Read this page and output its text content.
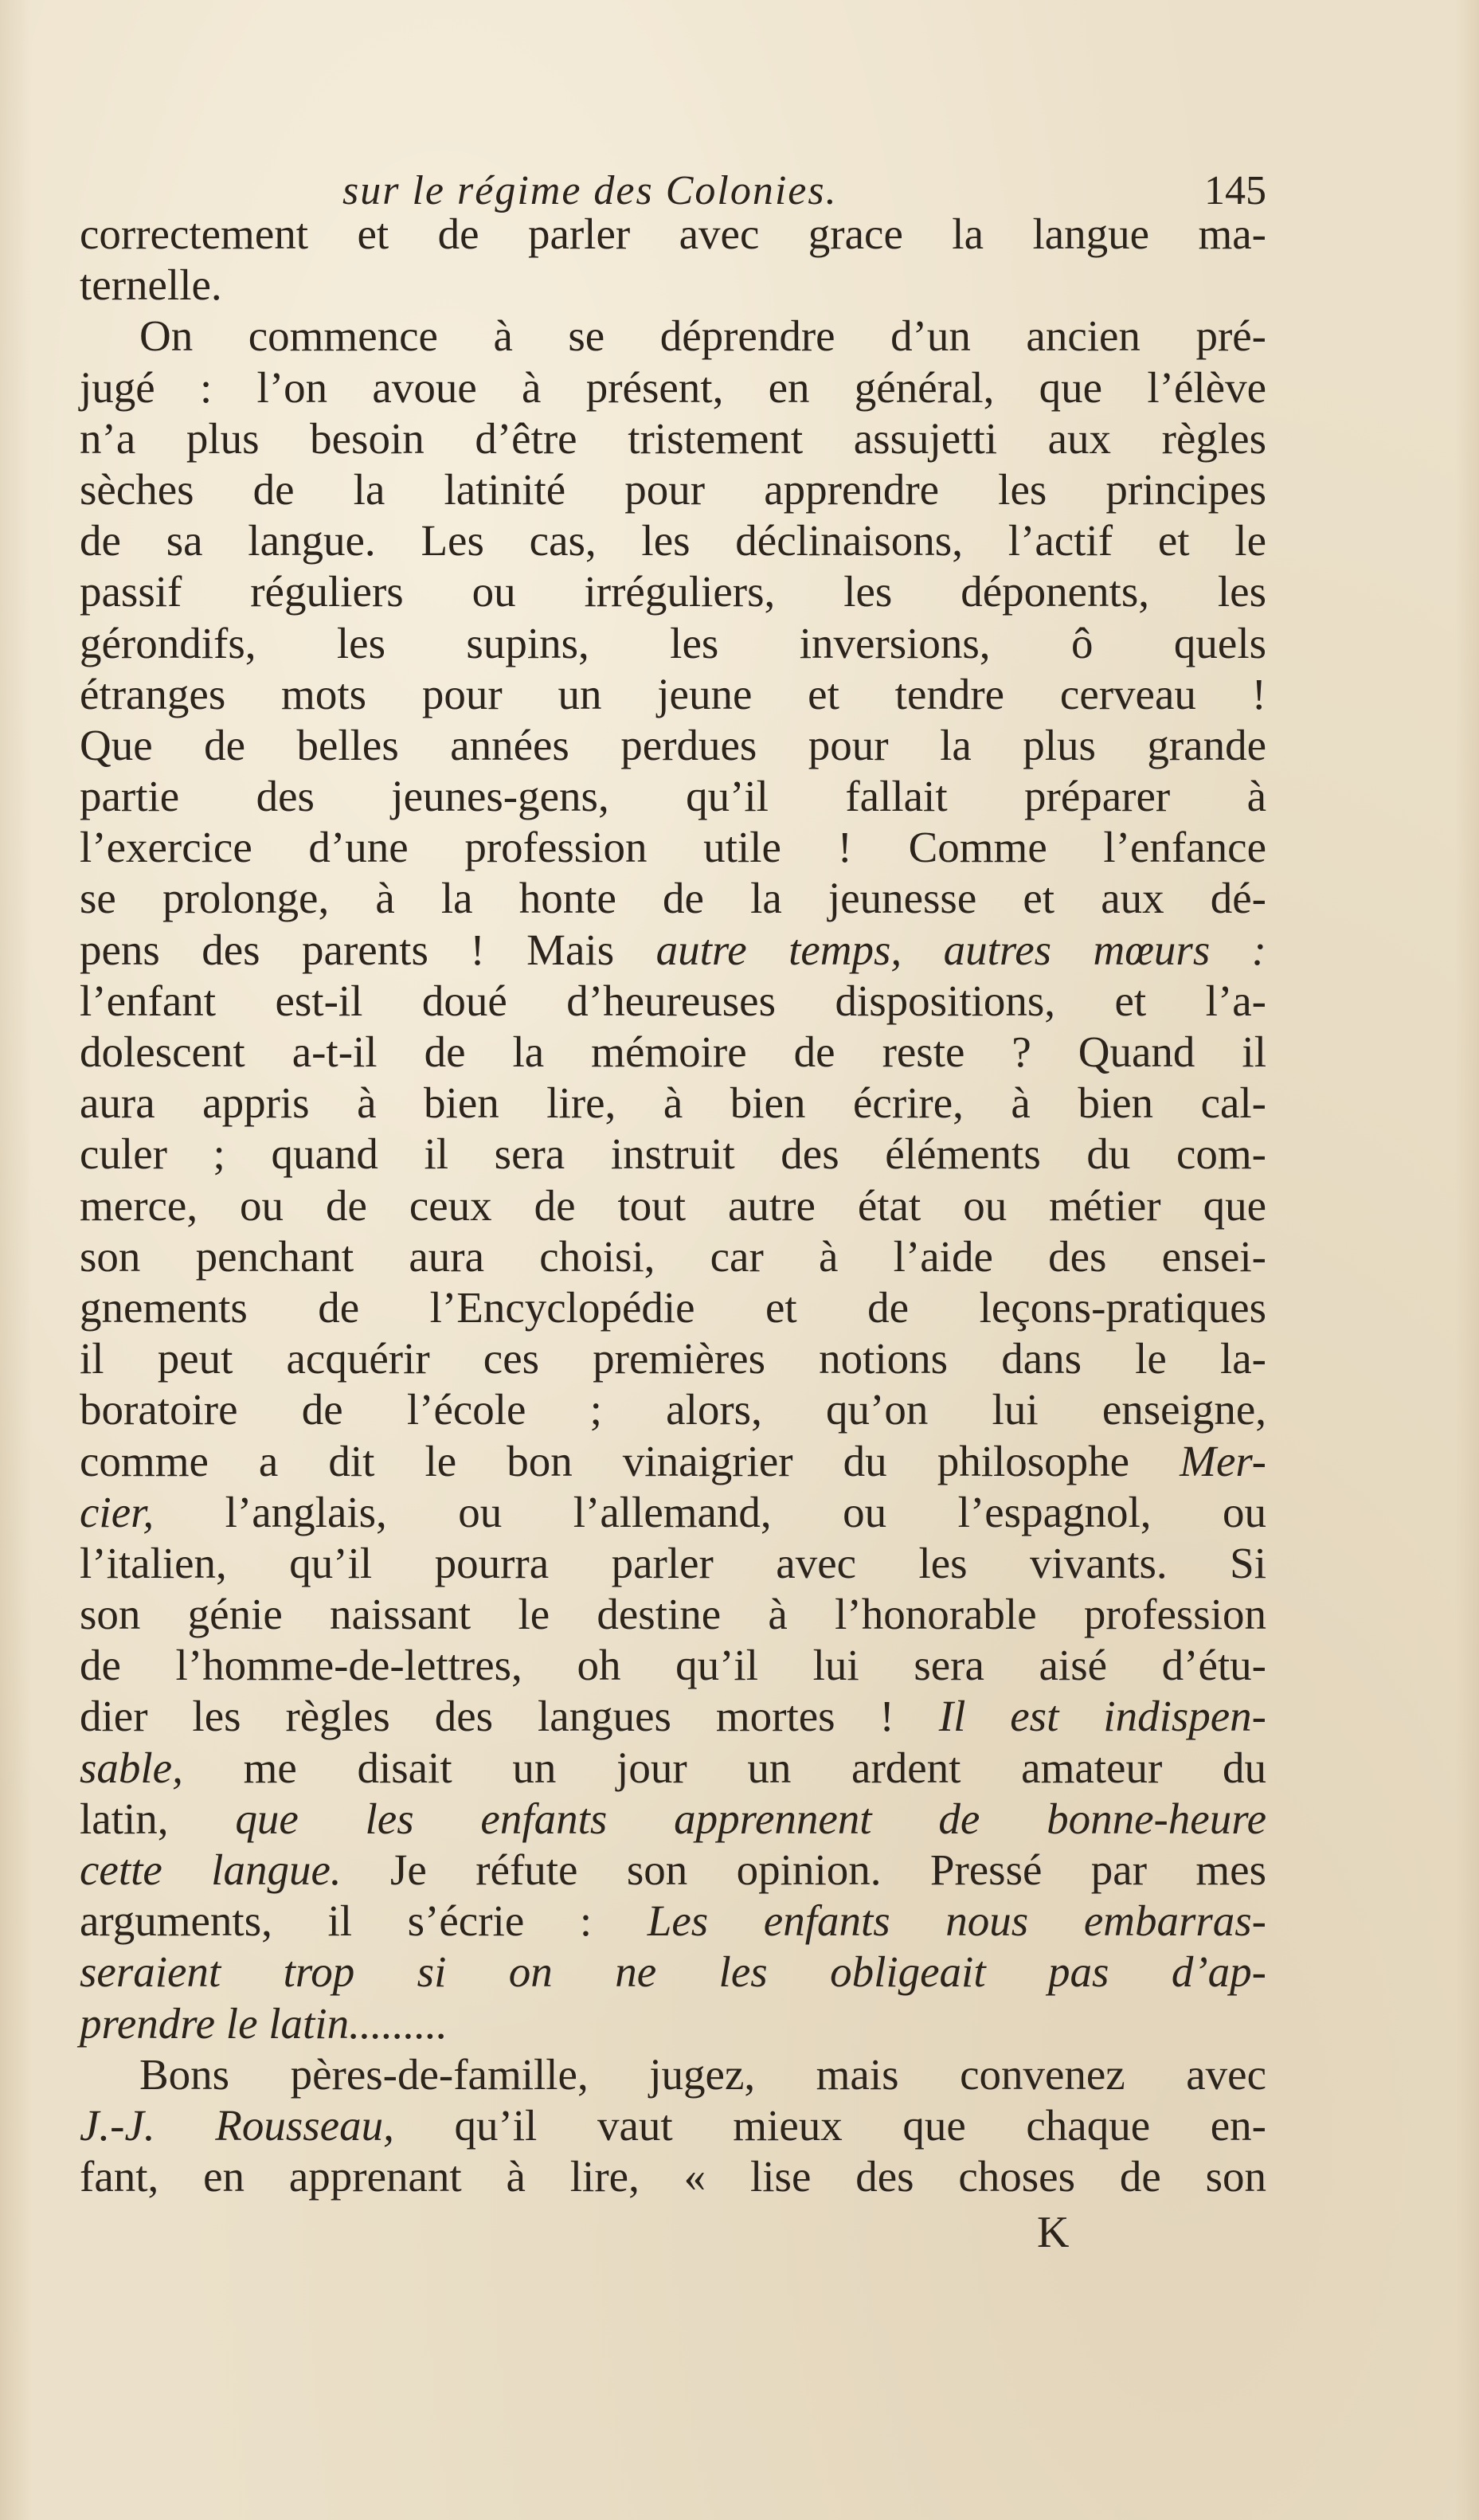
sur le régime des Colonies.	145
correctement et de parler avec grace la langue ma-
ternelle.
On commence à se déprendre d’un ancien pré-
jugé : l’on avoue à présent, en général, que l’élève
n’a plus besoin d’être tristement assujetti aux règles
sèches de la latinité pour apprendre les principes
de sa langue. Les cas, les déclinaisons, l’actif et le
passif réguliers ou irréguliers, les déponents, les
gérondifs, les supins, les inversions, ô quels
étranges mots pour un jeune et tendre cerveau !
Que de belles années perdues pour la plus grande
partie des jeunes-gens, qu’il fallait préparer à
l’exercice d’une profession utile ! Comme l’enfance
se prolonge, à la honte de la jeunesse et aux dé-
pens des parents ! Mais autre temps, autres mœurs :
l’enfant est-il doué d’heureuses dispositions, et l’a-
dolescent a-t-il de la mémoire de reste ? Quand il
aura appris à bien lire, à bien écrire, à bien cal-
culer ; quand il sera instruit des éléments du com-
merce, ou de ceux de tout autre état ou métier que
son penchant aura choisi, car à l’aide des ensei-
gnements de l’Encyclopédie et de leçons-pratiques
il peut acquérir ces premières notions dans le la-
boratoire de l’école ; alors, qu’on lui enseigne,
comme a dit le bon vinaigrier du philosophe Mer-
cier, l’anglais, ou l’allemand, ou l’espagnol, ou
l’italien, qu’il pourra parler avec les vivants. Si
son génie naissant le destine à l’honorable profession
de l’homme-de-lettres, oh qu’il lui sera aisé d’étu-
dier les règles des langues mortes ! Il est indispen-
sable, me disait un jour un ardent amateur du
latin, que les enfants apprennent de bonne-heure
cette langue. Je réfute son opinion. Pressé par mes
arguments, il s’écrie : Les enfants nous embarras-
seraient trop si on ne les obligeait pas d’ap-
prendre le latin.........
Bons pères-de-famille, jugez, mais convenez avec
J.-J. Rousseau, qu’il vaut mieux que chaque en-
fant, en apprenant à lire, « lise des choses de son
K
